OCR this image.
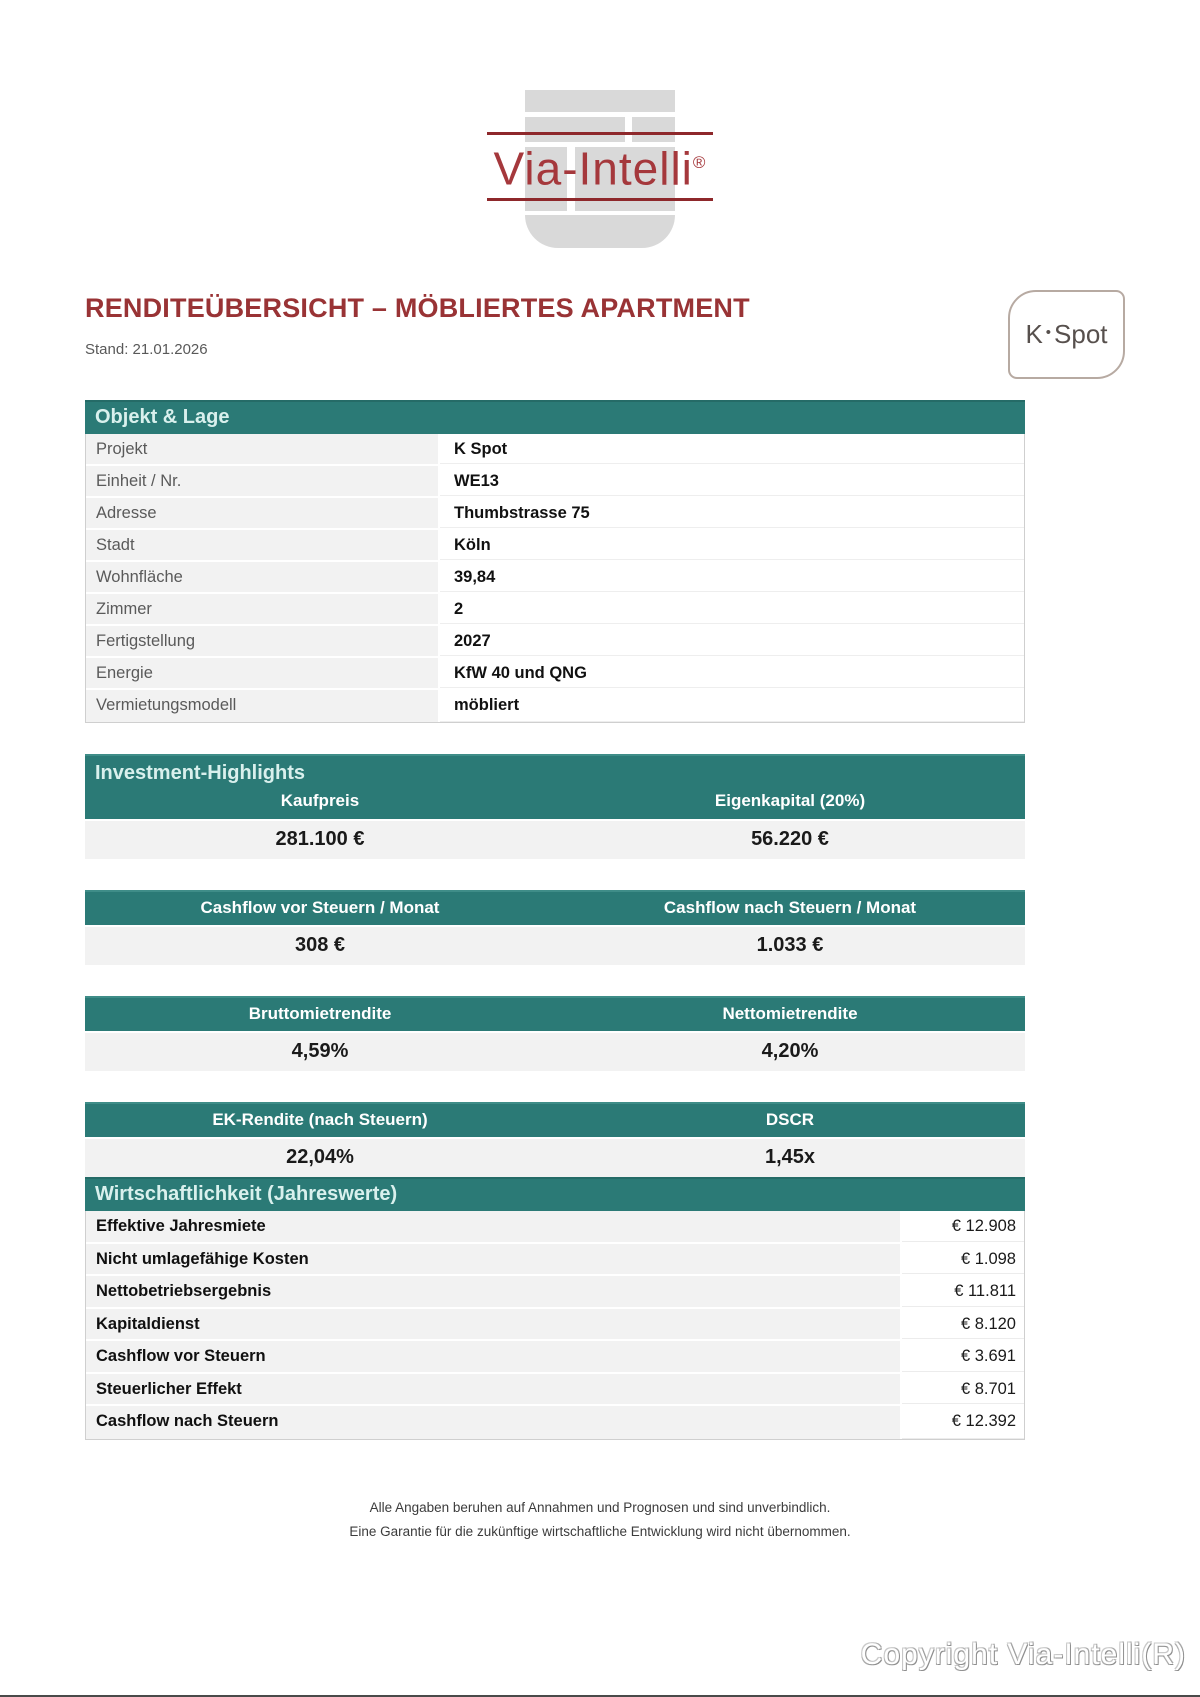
Via-Intelli®
RENDITEÜBERSICHT – MÖBLIERTES APARTMENT
Stand: 21.01.2026
K • Spot
Objekt & Lage
Projekt	K Spot
Einheit / Nr.	WE13
Adresse	Thumbstrasse 75
Stadt	Köln
Wohnfläche	39,84
Zimmer	2
Fertigstellung	2027
Energie	KfW 40 und QNG
Vermietungsmodell	möbliert
Investment-Highlights
Kaufpreis	Eigenkapital (20%)
281.100 €	56.220 €
Cashflow vor Steuern / Monat	Cashflow nach Steuern / Monat
308 €	1.033 €
Bruttomietrendite	Nettomietrendite
4,59%	4,20%
EK-Rendite (nach Steuern)	DSCR
22,04%	1,45x
Wirtschaftlichkeit (Jahreswerte)
Effektive Jahresmiete	€ 12.908
Nicht umlagefähige Kosten	€ 1.098
Nettobetriebsergebnis	€ 11.811
Kapitaldienst	€ 8.120
Cashflow vor Steuern	€ 3.691
Steuerlicher Effekt	€ 8.701
Cashflow nach Steuern	€ 12.392
Alle Angaben beruhen auf Annahmen und Prognosen und sind unverbindlich.
Eine Garantie für die zukünftige wirtschaftliche Entwicklung wird nicht übernommen.
Copyright Via-Intelli(R)
